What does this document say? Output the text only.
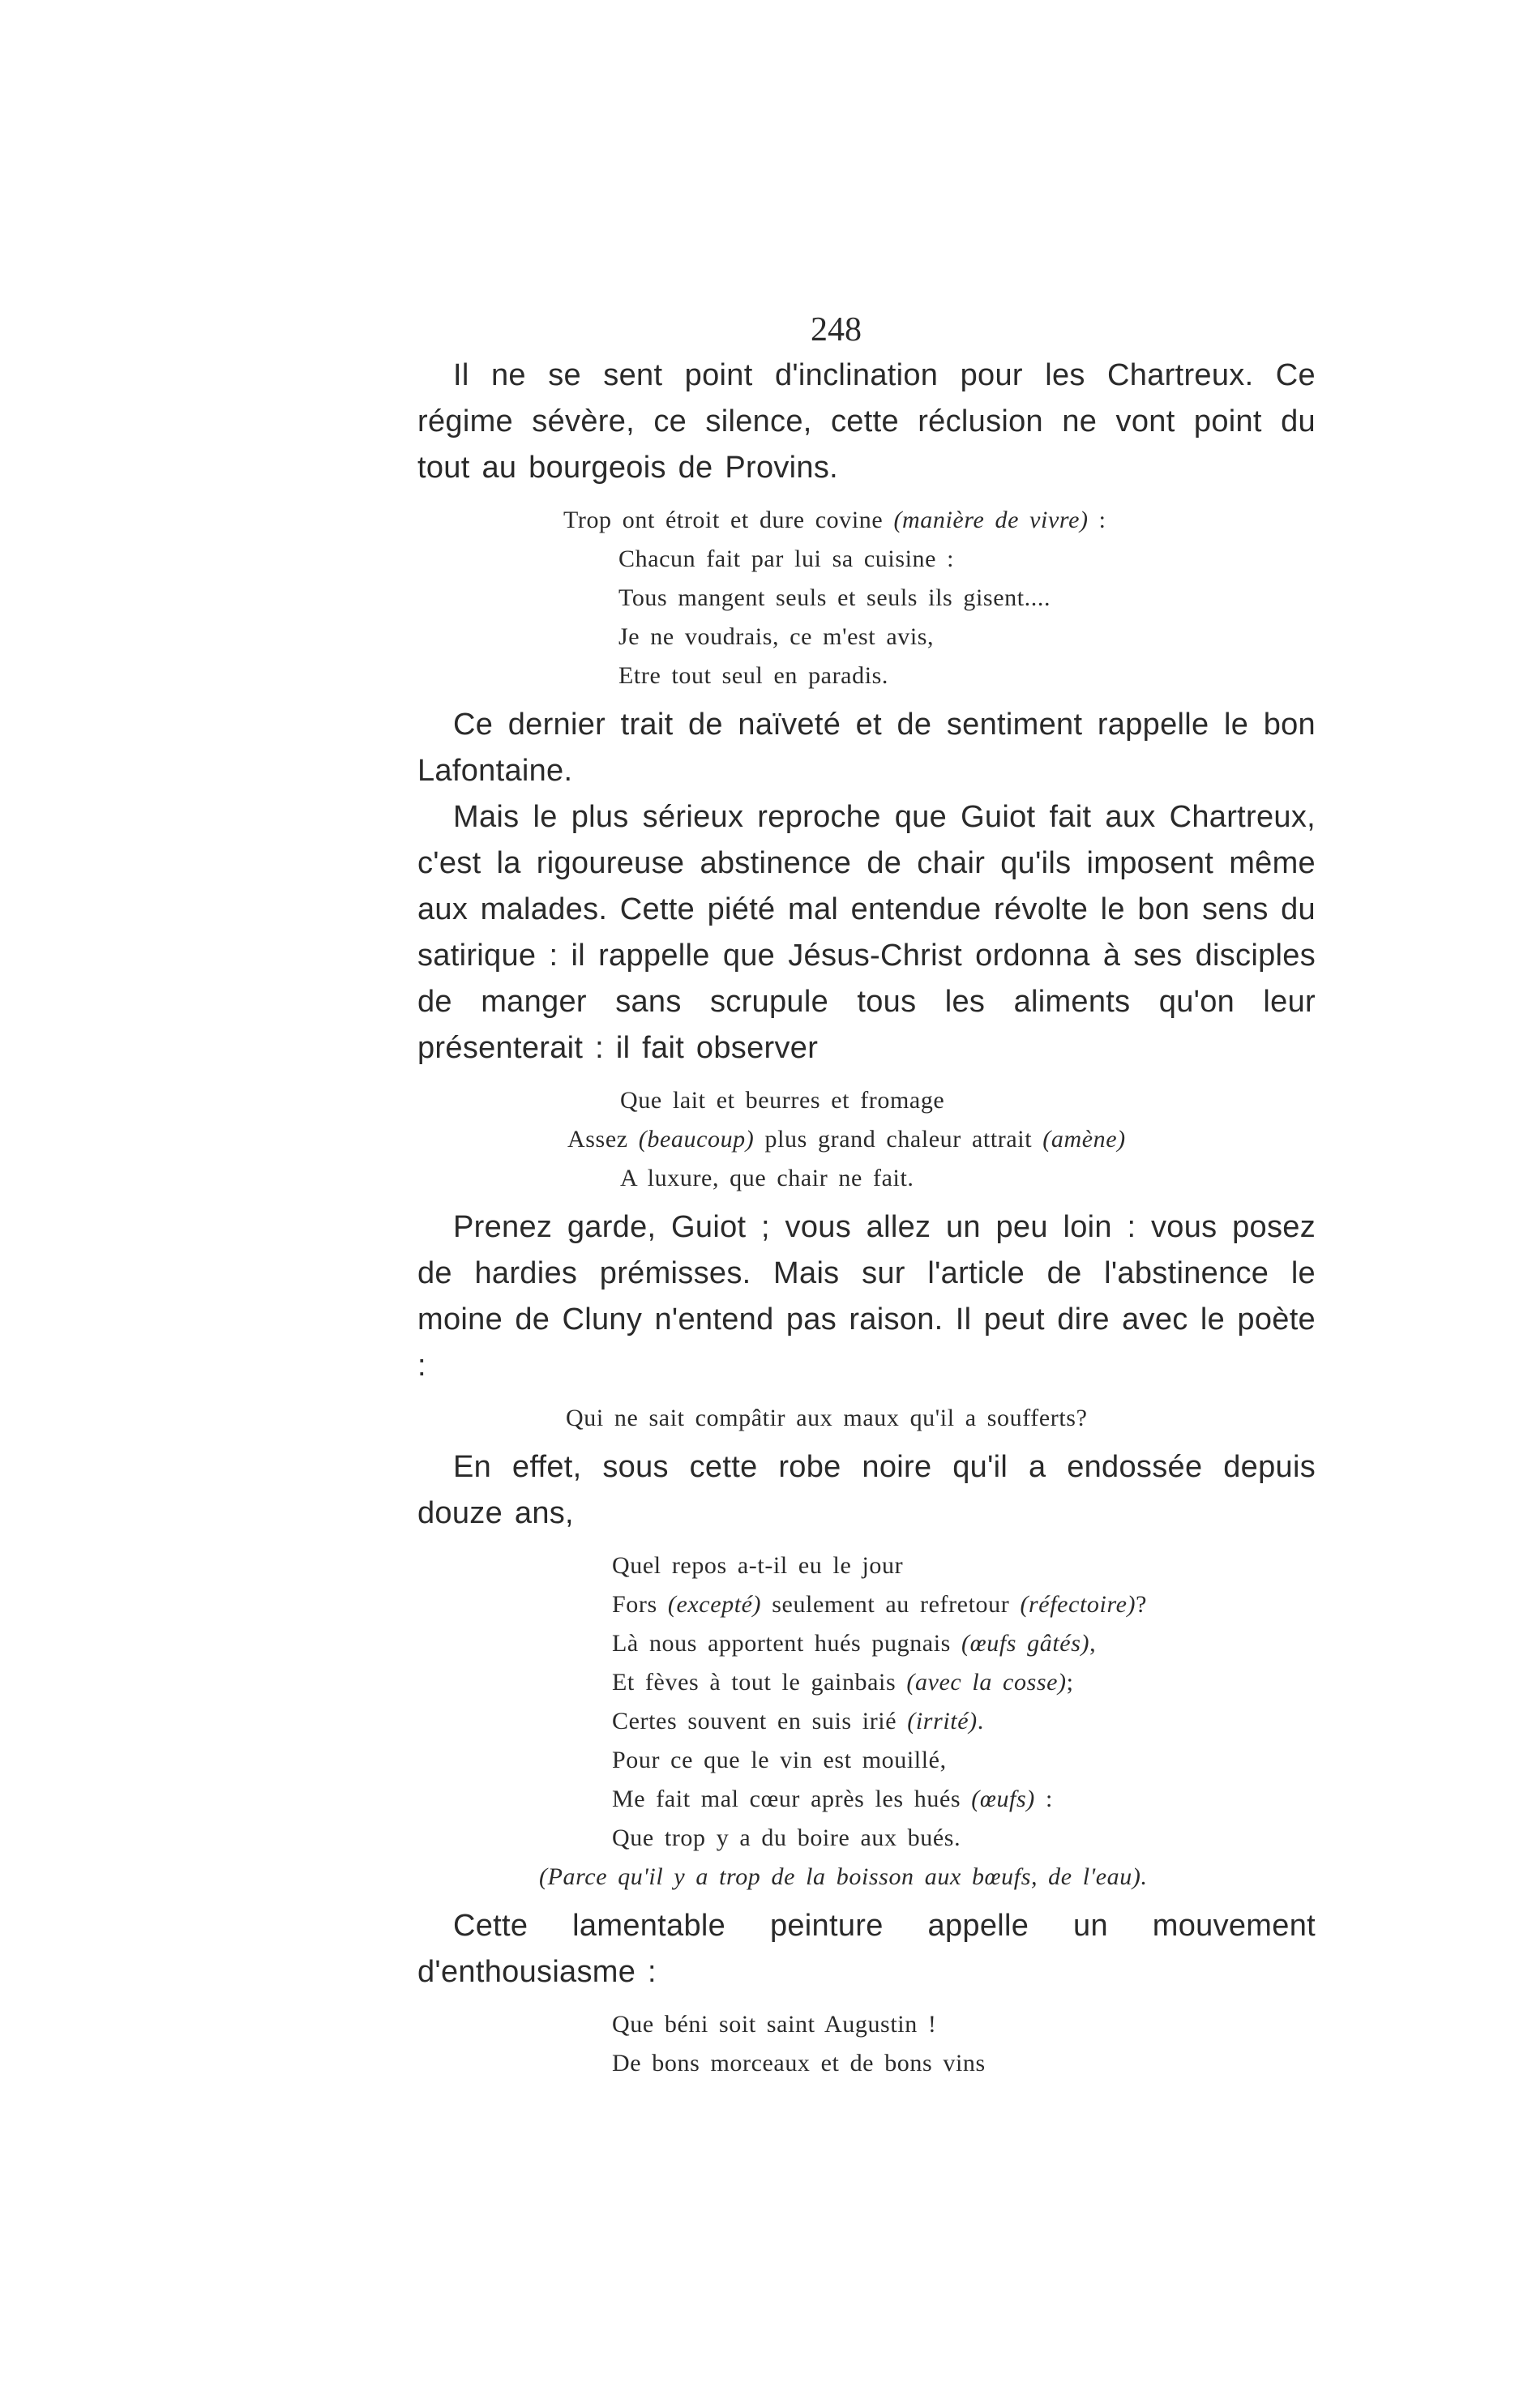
248

Il ne se sent point d'inclination pour les Chartreux. Ce régime sévère, ce silence, cette réclusion ne vont point du tout au bourgeois de Provins.

Trop ont étroit et dure covine (manière de vivre) :

Chacun fait par lui sa cuisine :

Tous mangent seuls et seuls ils gisent....

Je ne voudrais, ce m'est avis,

Etre tout seul en paradis.

Ce dernier trait de naïveté et de sentiment rappelle le bon Lafontaine.

Mais le plus sérieux reproche que Guiot fait aux Chartreux, c'est la rigoureuse abstinence de chair qu'ils imposent même aux malades. Cette piété mal entendue révolte le bon sens du satirique : il rappelle que Jésus-Christ ordonna à ses disciples de manger sans scrupule tous les aliments qu'on leur présenterait : il fait observer

Que lait et beurres et fromage

Assez (beaucoup) plus grand chaleur attrait (amène)

A luxure, que chair ne fait.

Prenez garde, Guiot ; vous allez un peu loin : vous posez de hardies prémisses. Mais sur l'article de l'abstinence le moine de Cluny n'entend pas raison. Il peut dire avec le poète :

Qui ne sait compâtir aux maux qu'il a soufferts?

En effet, sous cette robe noire qu'il a endossée depuis douze ans,

Quel repos a-t-il eu le jour

Fors (excepté) seulement au refretour (réfectoire)?

Là nous apportent hués pugnais (œufs gâtés),

Et fèves à tout le gainbais (avec la cosse);

Certes souvent en suis irié (irrité).

Pour ce que le vin est mouillé,

Me fait mal cœur après les hués (œufs) :

Que trop y a du boire aux bués.

(Parce qu'il y a trop de la boisson aux bœufs, de l'eau).

Cette lamentable peinture appelle un mouvement d'enthousiasme :

Que béni soit saint Augustin !

De bons morceaux et de bons vins
